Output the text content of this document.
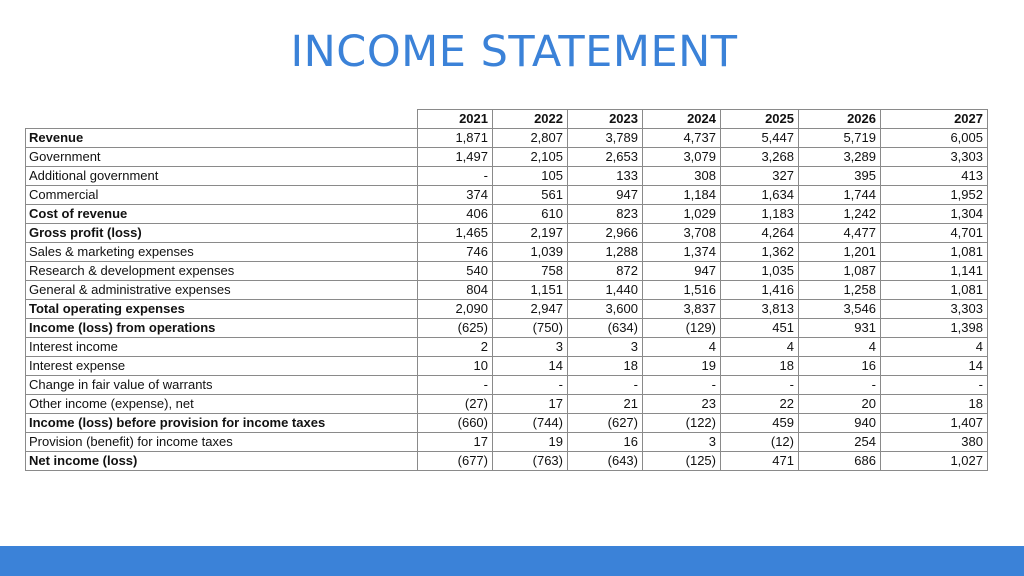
INCOME STATEMENT
	2021	2022	2023	2024	2025	2026	2027
Revenue	1,871	2,807	3,789	4,737	5,447	5,719	6,005
Government	1,497	2,105	2,653	3,079	3,268	3,289	3,303
Additional government	-	105	133	308	327	395	413
Commercial	374	561	947	1,184	1,634	1,744	1,952
Cost of revenue	406	610	823	1,029	1,183	1,242	1,304
Gross profit (loss)	1,465	2,197	2,966	3,708	4,264	4,477	4,701
Sales & marketing expenses	746	1,039	1,288	1,374	1,362	1,201	1,081
Research & development expenses	540	758	872	947	1,035	1,087	1,141
General & administrative expenses	804	1,151	1,440	1,516	1,416	1,258	1,081
Total operating expenses	2,090	2,947	3,600	3,837	3,813	3,546	3,303
Income (loss) from operations	(625)	(750)	(634)	(129)	451	931	1,398
Interest income	2	3	3	4	4	4	4
Interest expense	10	14	18	19	18	16	14
Change in fair value of warrants	-	-	-	-	-	-	-
Other income (expense), net	(27)	17	21	23	22	20	18
Income (loss) before provision for income taxes	(660)	(744)	(627)	(122)	459	940	1,407
Provision (benefit) for income taxes	17	19	16	3	(12)	254	380
Net income (loss)	(677)	(763)	(643)	(125)	471	686	1,027
